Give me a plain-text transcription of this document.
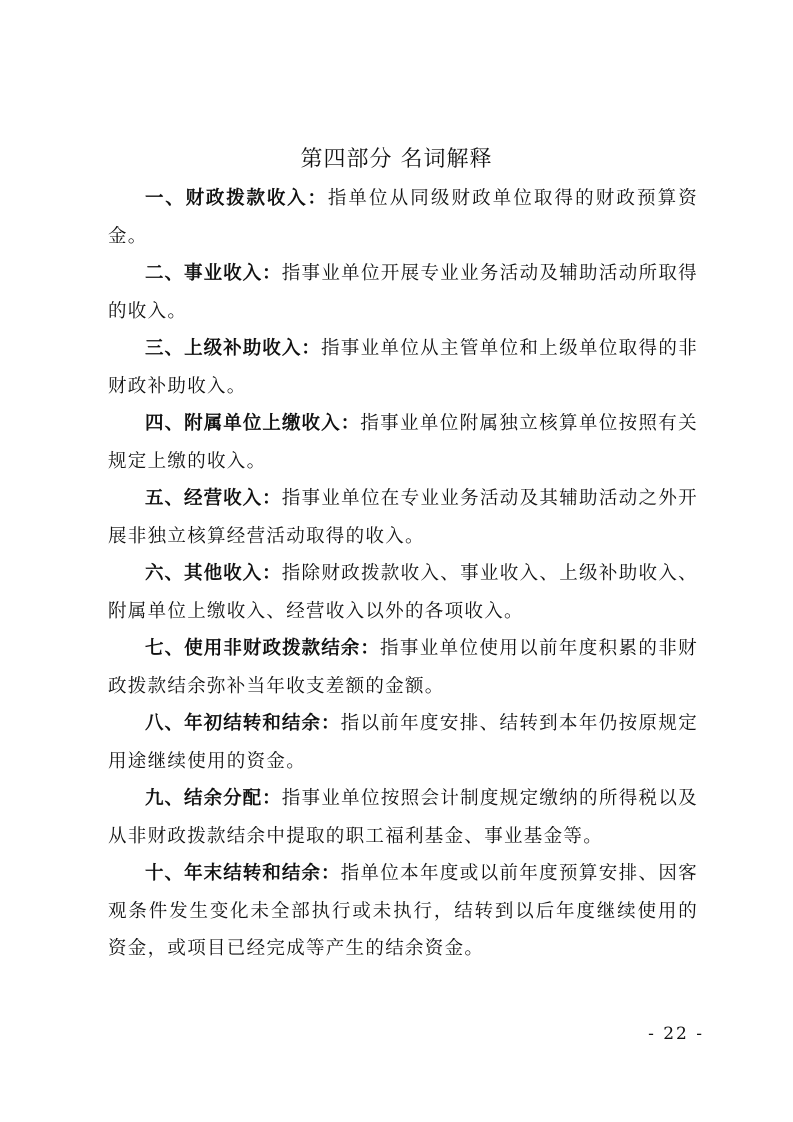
第四部分 名词解释

一、财政拨款收入：指单位从同级财政单位取得的财政预算资金。

二、事业收入：指事业单位开展专业业务活动及辅助活动所取得的收入。

三、上级补助收入：指事业单位从主管单位和上级单位取得的非财政补助收入。

四、附属单位上缴收入：指事业单位附属独立核算单位按照有关规定上缴的收入。

五、经营收入：指事业单位在专业业务活动及其辅助活动之外开展非独立核算经营活动取得的收入。

六、其他收入：指除财政拨款收入、事业收入、上级补助收入、附属单位上缴收入、经营收入以外的各项收入。

七、使用非财政拨款结余：指事业单位使用以前年度积累的非财政拨款结余弥补当年收支差额的金额。

八、年初结转和结余：指以前年度安排、结转到本年仍按原规定用途继续使用的资金。

九、结余分配：指事业单位按照会计制度规定缴纳的所得税以及从非财政拨款结余中提取的职工福利基金、事业基金等。

十、年末结转和结余：指单位本年度或以前年度预算安排、因客观条件发生变化未全部执行或未执行，结转到以后年度继续使用的资金，或项目已经完成等产生的结余资金。

- 22 -
